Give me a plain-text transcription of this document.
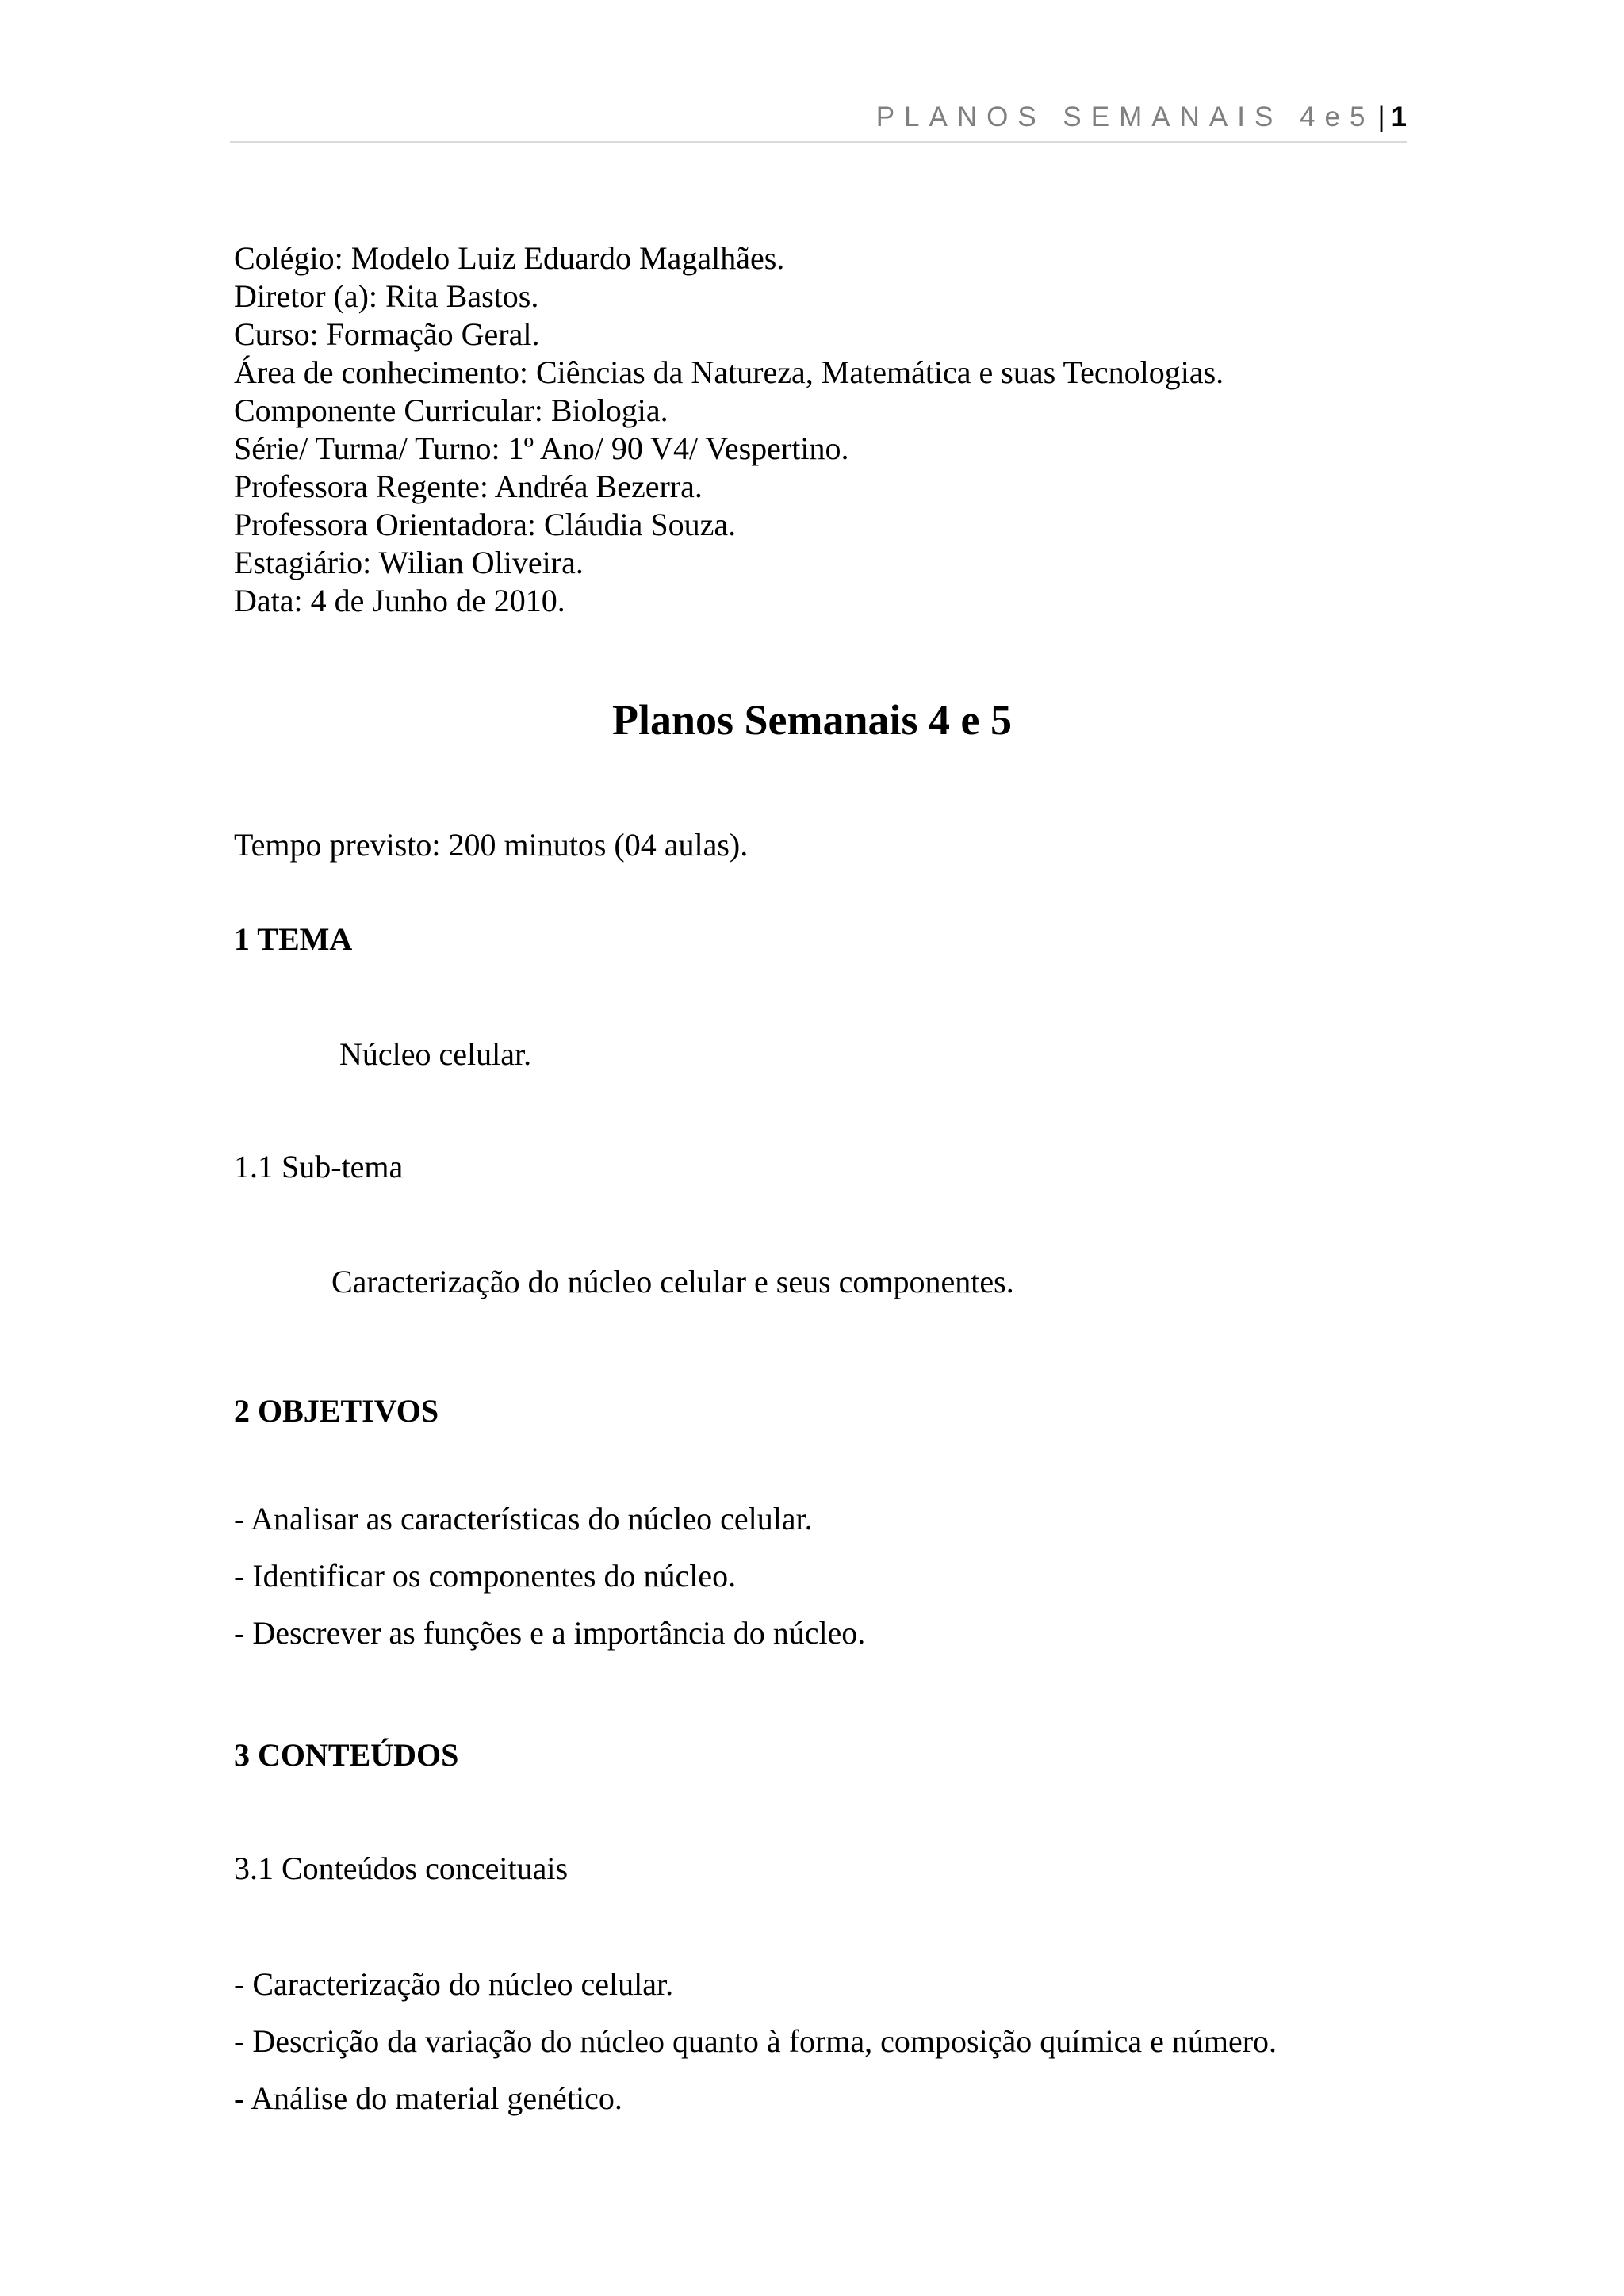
PLANOS SEMANAIS 4e5 | 1
Colégio: Modelo Luiz Eduardo Magalhães.
Diretor (a): Rita Bastos.
Curso: Formação Geral.
Área de conhecimento: Ciências da Natureza, Matemática e suas Tecnologias.
Componente Curricular: Biologia.
Série/ Turma/ Turno: 1º Ano/ 90 V4/ Vespertino.
Professora Regente: Andréa Bezerra.
Professora Orientadora: Cláudia Souza.
Estagiário: Wilian Oliveira.
Data: 4 de Junho de 2010.
Planos Semanais 4 e 5
Tempo previsto: 200 minutos (04 aulas).
1 TEMA
Núcleo celular.
1.1 Sub-tema
Caracterização do núcleo celular e seus componentes.
2 OBJETIVOS
- Analisar as características do núcleo celular.
- Identificar os componentes do núcleo.
- Descrever as funções e a importância do núcleo.
3 CONTEÚDOS
3.1 Conteúdos conceituais
- Caracterização do núcleo celular.
- Descrição da variação do núcleo quanto à forma, composição química e número.
- Análise do material genético.
